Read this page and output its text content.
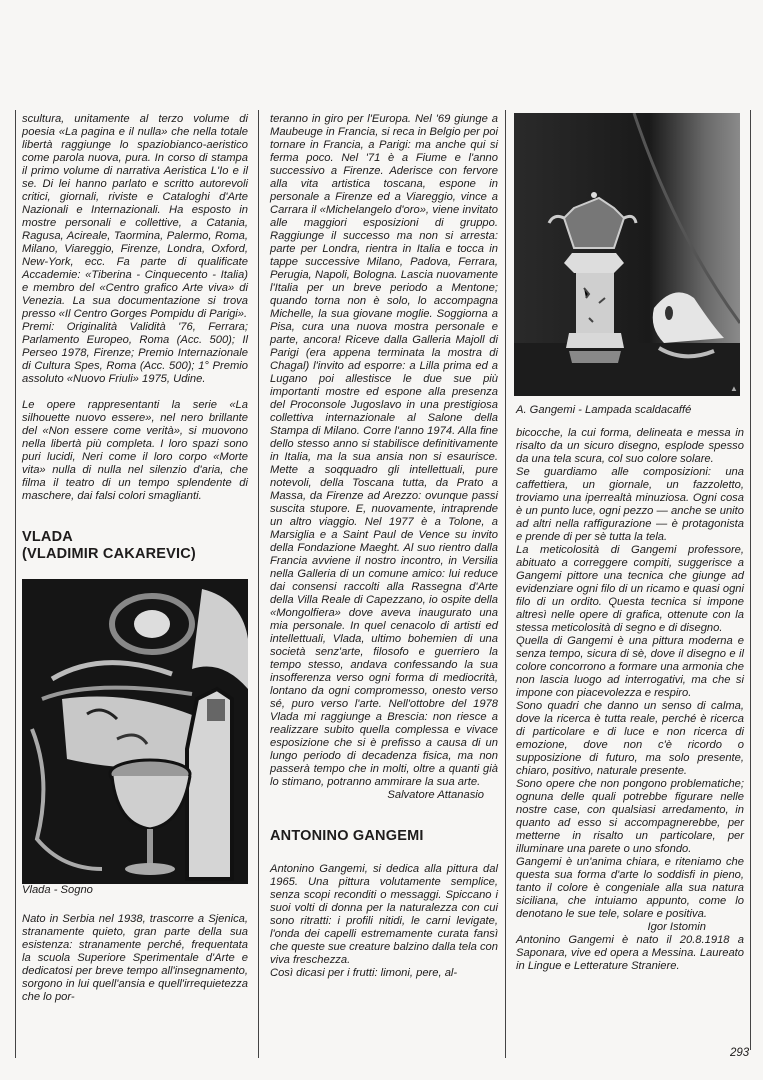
scultura, unitamente al terzo volume di poesia «La pagina e il nulla» che nella totale libertà raggiunge lo spaziobianco-aeristico come parola nuova, pura. In corso di stampa il primo volume di narrativa Aeristica L'Io e il se. Di lei hanno parlato e scritto autorevoli critici, giornali, riviste e Cataloghi d'Arte Nazionali e Internazionali. Ha esposto in mostre personali e collettive, a Catania, Ragusa, Acireale, Taormina, Palermo, Roma, Milano, Viareggio, Firenze, Londra, Oxford, New-York, ecc. Fa parte di qualificate Accademie: «Tiberina - Cinquecento - Italia) e membro del «Centro grafico Arte viva» di Venezia. La sua documentazione si trova presso «Il Centro Gorges Pompidu di Parigi».

Premi: Originalità Validità '76, Ferrara; Parlamento Europeo, Roma (Acc. 500); Il Perseo 1978, Firenze; Premio Internazionale di Cultura Spes, Roma (Acc. 500); 1° Premio assoluto «Nuovo Friuli» 1975, Udine.

Le opere rappresentanti la serie «La silhouette nuovo essere», nel nero brillante del «Non essere come verità», si muovono nella libertà più completa. I loro spazi sono puri lucidi, Neri come il loro corpo «Morte vita» nulla di nulla nel silenzio d'aria, che filma il teatro di un tempo splendente di maschere, dai falsi colori smaglianti.

VLADA
(VLADIMIR CAKAREVIC)

Vlada - Sogno

Nato in Serbia nel 1938, trascorre a Sjenica, stranamente quieto, gran parte della sua esistenza: stranamente perché, frequentata la scuola Superiore Sperimentale d'Arte e dedicatosi per breve tempo all'insegnamento, sorgono in lui quell'ansia e quell'irrequietezza che lo por-

teranno in giro per l'Europa. Nel '69 giunge a Maubeuge in Francia, si reca in Belgio per poi tornare in Francia, a Parigi: ma anche qui si ferma poco. Nel '71 è a Fiume e l'anno successivo a Firenze. Aderisce con fervore alla vita artistica toscana, espone in personale a Firenze ed a Viareggio, vince a Carrara il «Michelangelo d'oro», viene invitato alle maggiori esposizioni di gruppo. Raggiunge il successo ma non si arresta: parte per Londra, rientra in Italia e tocca in tappe successive Milano, Padova, Ferrara, Perugia, Napoli, Bologna. Lascia nuovamente l'Italia per un breve periodo a Mentone; quando torna non è solo, lo accompagna Michelle, la sua giovane moglie. Soggiorna a Pisa, cura una nuova mostra personale e parte, ancora! Riceve dalla Galleria Majoll di Parigi (era appena terminata la mostra di Chagal) l'invito ad esporre: a Lilla prima ed a Lugano poi allestisce le due sue più importanti mostre ed espone alla presenza del Proconsole Jugoslavo in una prestigiosa collettiva internazionale al Salone della Stampa di Milano. Corre l'anno 1974. Alla fine dello stesso anno si stabilisce definitivamente in Italia, ma la sua ansia non si esaurisce. Mette a soqquadro gli intellettuali, pure notevoli, della Toscana tutta, da Prato a Massa, da Firenze ad Arezzo: ovunque passi suscita stupore. E, nuovamente, intraprende un altro viaggio. Nel 1977 è a Tolone, a Marsiglia e a Saint Paul de Vence su invito della Fondazione Maeght. Al suo rientro dalla Francia avviene il nostro incontro, in Versilia nella Galleria di un comune amico: lui reduce dai consensi raccolti alla Rassegna d'Arte della Villa Reale di Capezzano, io ospite della «Mongolfiera» dove aveva inaugurato una mia personale. In quel cenacolo di artisti ed intellettuali, Vlada, ultimo bohemien di una società senz'arte, filosofo e guerriero la tempo stesso, andava confessando la sua insofferenza verso ogni forma di mediocrità, lontano da ogni compromesso, onesto verso sé, puro verso l'arte. Nell'ottobre del 1978 Vlada mi raggiunge a Brescia: non riesce a realizzare subito quella complessa e vivace esposizione che si è prefisso a causa di un lungo periodo di decadenza fisica, ma non passerà tempo che in molti, oltre a quanti già lo stimano, potranno ammirare la sua arte.

Salvatore Attanasio

ANTONINO GANGEMI

Antonino Gangemi, si dedica alla pittura dal 1965. Una pittura volutamente semplice, senza scopi reconditi o messaggi. Spiccano i suoi volti di donna per la naturalezza con cui sono ritratti: i profili nitidi, le carni levigate, l'onda dei capelli estremamente curata fansì che queste sue creature balzino dalla tela con viva freschezza.

Così dicasi per i frutti: limoni, pere, al-

▲

A. Gangemi - Lampada scaldacaffé

bicocche, la cui forma, delineata e messa in risalto da un sicuro disegno, esplode spesso da una tela scura, col suo colore solare.

Se guardiamo alle composizioni: una caffettiera, un giornale, un fazzoletto, troviamo una iperrealtà minuziosa. Ogni cosa è un punto luce, ogni pezzo — anche se unito ad altri nella raffigurazione — è protagonista e prende di per sè tutta la tela.

La meticolosità di Gangemi professore, abituato a correggere compiti, suggerisce a Gangemi pittore una tecnica che giunge ad evidenziare ogni filo di un ricamo e quasi ogni filo di un ordito. Questa tecnica si impone altresì nelle opere di grafica, ottenute con la stessa meticolosità di segno e di disegno.

Quella di Gangemi è una pittura moderna e senza tempo, sicura di sè, dove il disegno e il colore concorrono a formare una armonia che non lascia luogo ad interrogativi, ma che si impone con piacevolezza e respiro.

Sono quadri che danno un senso di calma, dove la ricerca è tutta reale, perché è ricerca di particolare e di luce e non ricerca di emozione, dove non c'è ricordo o supposizione di futuro, ma solo presente, chiaro, positivo, naturale presente.

Sono opere che non pongono problematiche; ognuna delle quali potrebbe figurare nelle nostre case, con qualsiasi arredamento, in quanto ad esso si accompagnerebbe, per metterne in risalto un particolare, per illuminare una parete o uno sfondo.

Gangemi è un'anima chiara, e riteniamo che questa sua forma d'arte lo soddisfi in pieno, tanto il colore è congeniale alla sua natura siciliana, che intuiamo appunto, come lo denotano le sue tele, solare e positiva.

Igor Istomin

Antonino Gangemi è nato il 20.8.1918 a Saponara, vive ed opera a Messina. Laureato in Lingue e Letterature Straniere.

293
